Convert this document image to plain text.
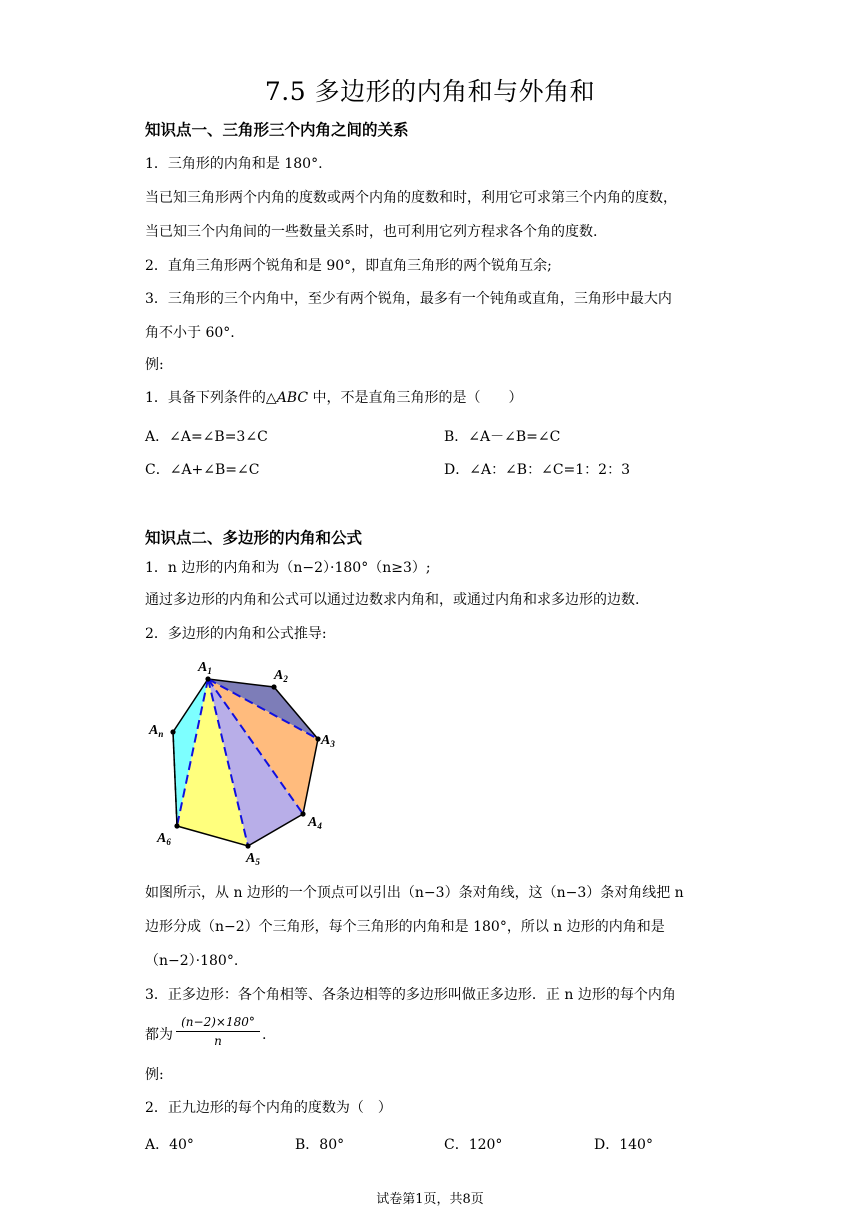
7.5 多边形的内角和与外角和
知识点一、三角形三个内角之间的关系
1．三角形的内角和是 180°.
当已知三角形两个内角的度数或两个内角的度数和时，利用它可求第三个内角的度数，
当已知三个内角间的一些数量关系时，也可利用它列方程求各个角的度数.
2．直角三角形两个锐角和是 90°，即直角三角形的两个锐角互余;
3．三角形的三个内角中，至少有两个锐角，最多有一个钝角或直角，三角形中最大内
角不小于 60°.
例:
1．具备下列条件的△ABC 中，不是直角三角形的是（　　）
A．∠A=∠B=3∠C	B．∠A－∠B=∠C
C．∠A+∠B=∠C	D．∠A：∠B：∠C=1：2：3
知识点二、多边形的内角和公式
1．n 边形的内角和为（n−2）·180°（n≥3）;
通过多边形的内角和公式可以通过边数求内角和，或通过内角和求多边形的边数.
2．多边形的内角和公式推导:
$A_1$	$A_2$
$A_3$
$A_4$
$A_5$
$A_6$
$A_n$
如图所示，从 n 边形的一个顶点可以引出（n−3）条对角线，这（n−3）条对角线把 n
边形分成（n−2）个三角形，每个三角形的内角和是 180°，所以 n 边形的内角和是
（n−2）·180°.
3．正多边形：各个角相等、各条边相等的多边形叫做正多边形．正 n 边形的每个内角
都为 $\frac{(n-2)\times 180^\circ}{n}$ .
例:
2．正九边形的每个内角的度数为（　）
A．40°	B．80°	C．120°	D．140°
试卷第1页，共8页
